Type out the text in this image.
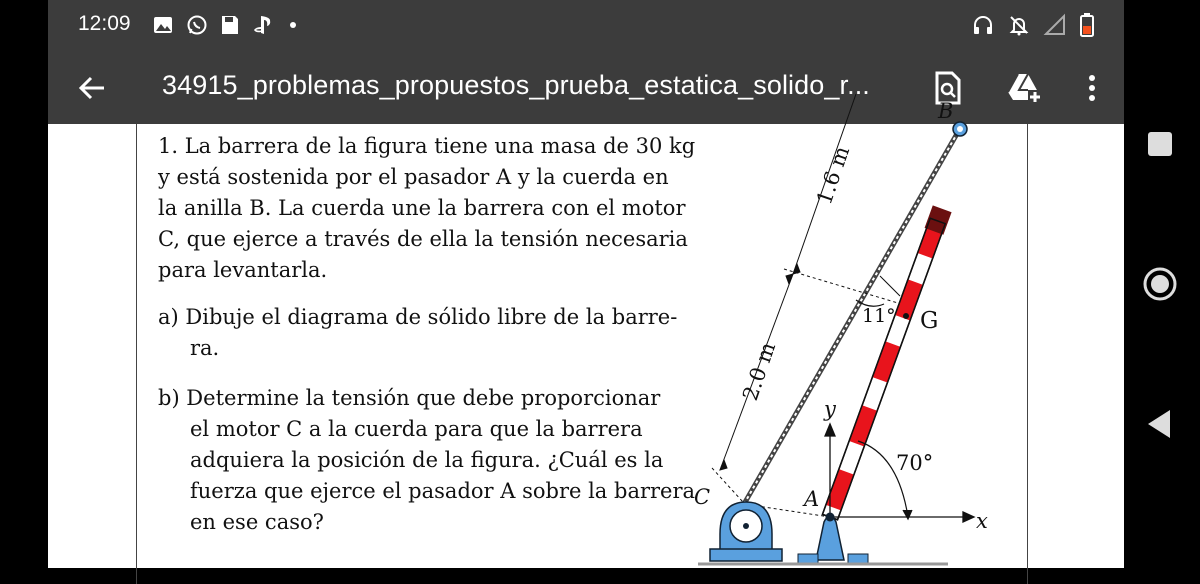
12:09
34915_problemas_propuestos_prueba_estatica_solido_r...
1. La barrera de la figura tiene una masa de 30 kg
y está sostenida por el pasador A y la cuerda en
la anilla B. La cuerda une la barrera con el motor
C, que ejerce a través de ella la tensión necesaria
para levantarla.
a) Dibuje el diagrama de sólido libre de la barre-
ra.
b) Determine la tensión que debe proporcionar
el motor C a la cuerda para que la barrera
adquiera la posición de la figura. ¿Cuál es la
fuerza que ejerce el pasador A sobre la barrera
en ese caso?
1.6 m
2.0 m
11° G
B
70°
y
x
C	A
